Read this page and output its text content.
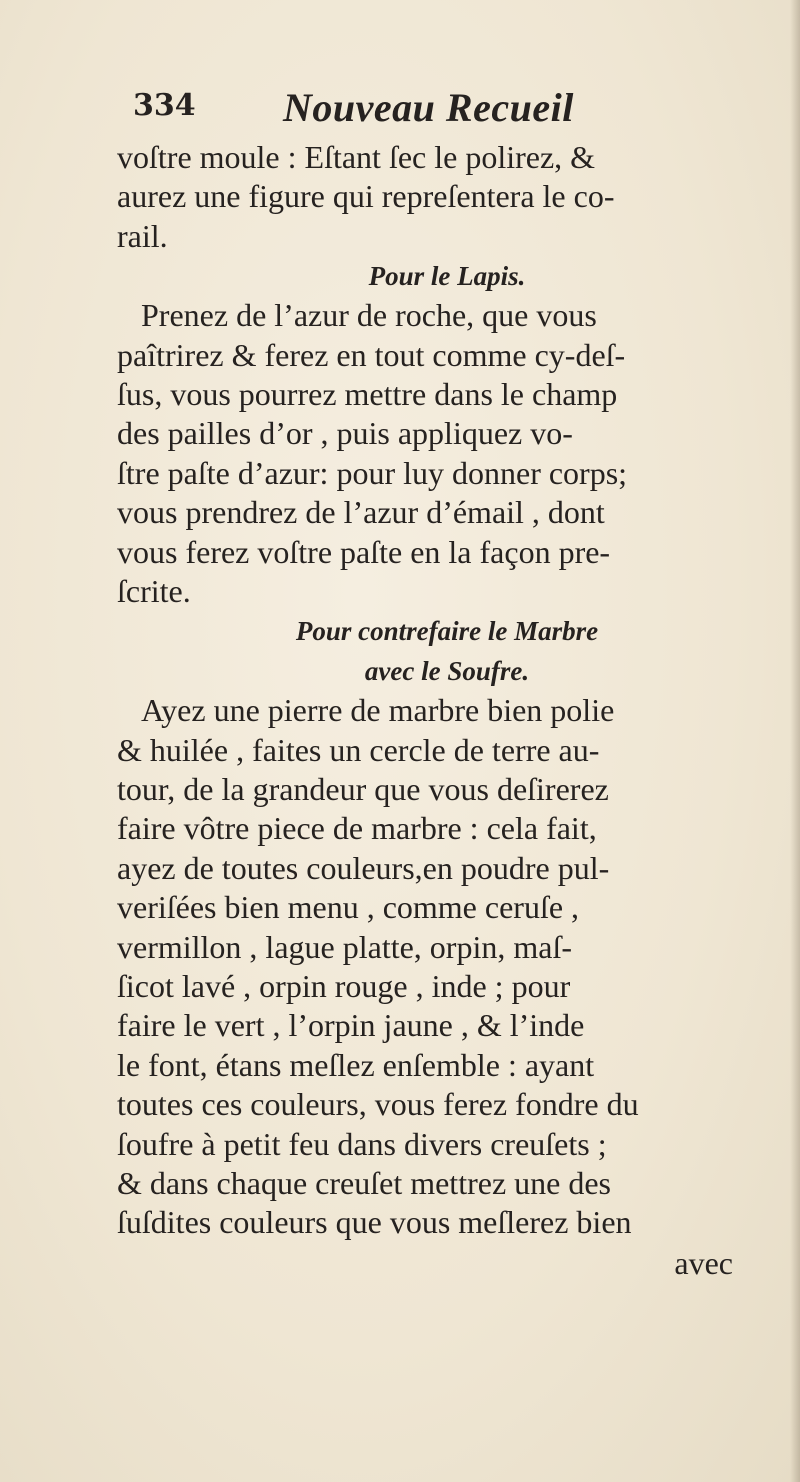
334 Nouveau Recueil
voſtre moule : Eſtant ſec le polirez, &
aurez une figure qui repreſentera le co-
rail.
Pour le Lapis.
Prenez de l’azur de roche, que vous
paîtrirez & ferez en tout comme cy-deſ-
ſus, vous pourrez mettre dans le champ
des pailles d’or , puis appliquez vo-
ſtre paſte d’azur: pour luy donner corps;
vous prendrez de l’azur d’émail , dont
vous ferez voſtre paſte en la façon pre-
ſcrite.
Pour contrefaire le Marbre
avec le Soufre.
Ayez une pierre de marbre bien polie
& huilée , faites un cercle de terre au-
tour, de la grandeur que vous deſirerez
faire vôtre piece de marbre : cela fait,
ayez de toutes couleurs,en poudre pul-
veriſées bien menu , comme ceruſe ,
vermillon , lague platte, orpin, maſ-
ſicot lavé , orpin rouge , inde ; pour
faire le vert , l’orpin jaune , & l’inde
le font, étans meſlez enſemble : ayant
toutes ces couleurs, vous ferez fondre du
ſoufre à petit feu dans divers creuſets ;
& dans chaque creuſet mettrez une des
ſuſdites couleurs que vous meſlerez bien
avec
